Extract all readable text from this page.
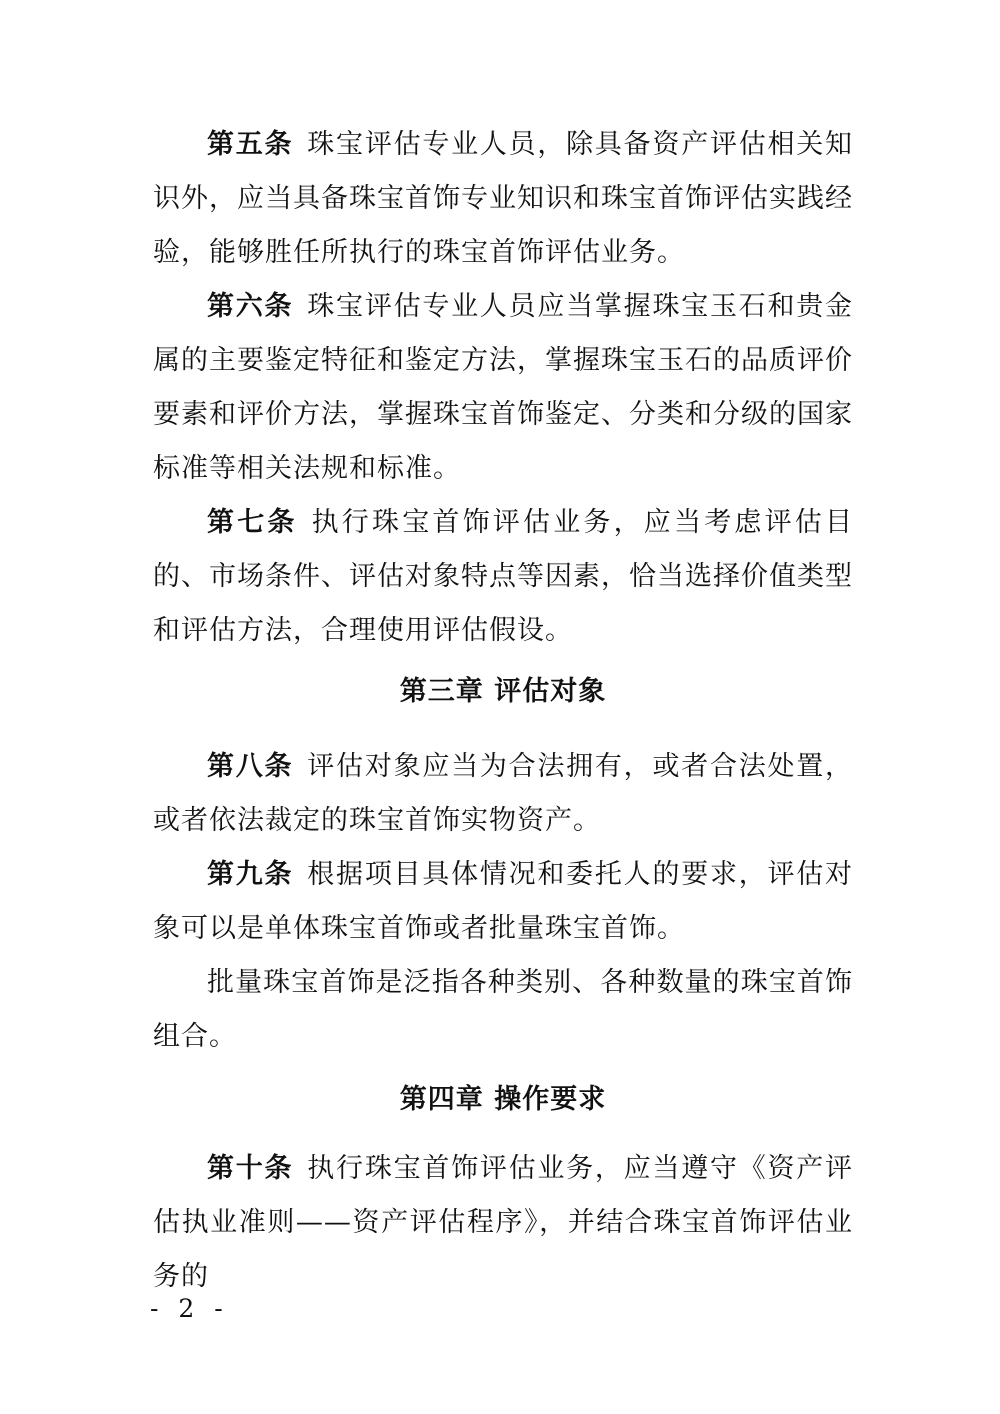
第五条 珠宝评估专业人员，除具备资产评估相关知识外，应当具备珠宝首饰专业知识和珠宝首饰评估实践经验，能够胜任所执行的珠宝首饰评估业务。

第六条 珠宝评估专业人员应当掌握珠宝玉石和贵金属的主要鉴定特征和鉴定方法，掌握珠宝玉石的品质评价要素和评价方法，掌握珠宝首饰鉴定、分类和分级的国家标准等相关法规和标准。

第七条 执行珠宝首饰评估业务，应当考虑评估目的、市场条件、评估对象特点等因素，恰当选择价值类型和评估方法，合理使用评估假设。

第三章 评估对象

第八条 评估对象应当为合法拥有，或者合法处置，或者依法裁定的珠宝首饰实物资产。

第九条 根据项目具体情况和委托人的要求，评估对象可以是单体珠宝首饰或者批量珠宝首饰。

批量珠宝首饰是泛指各种类别、各种数量的珠宝首饰组合。

第四章 操作要求

第十条 执行珠宝首饰评估业务，应当遵守《资产评估执业准则——资产评估程序》，并结合珠宝首饰评估业务的

- 2 -
